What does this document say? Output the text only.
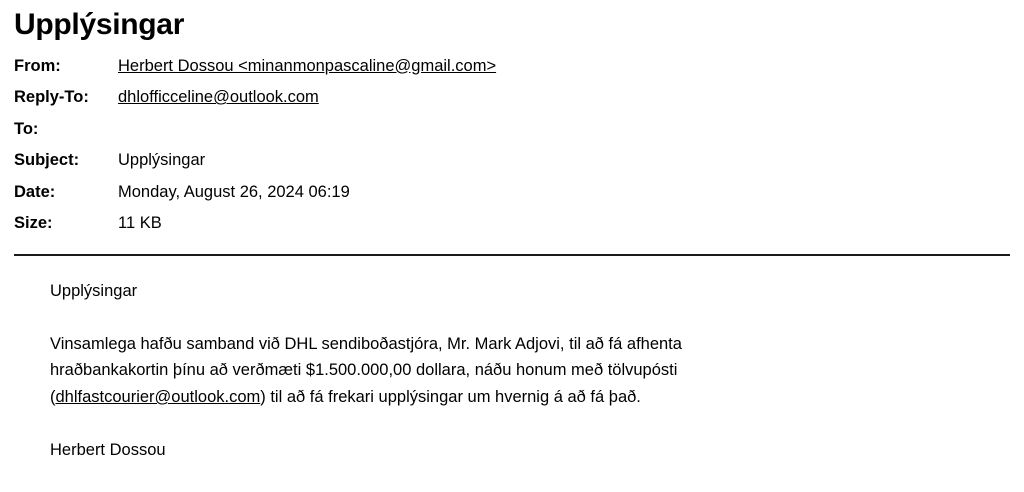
Upplýsingar
From:	Herbert Dossou <minanmonpascaline@gmail.com>
Reply-To:	dhlofficceline@outlook.com
To:	
Subject:	Upplýsingar
Date:	Monday, August 26, 2024 06:19
Size:	11 KB

Upplýsingar

Vinsamlega hafðu samband við DHL sendiboðastjóra, Mr. Mark Adjovi, til að fá afhenta
hraðbankakortin þínu að verðmæti $1.500.000,00 dollara, náðu honum með tölvupósti
(dhlfastcourier@outlook.com) til að fá frekari upplýsingar um hvernig á að fá það.

Herbert Dossou
